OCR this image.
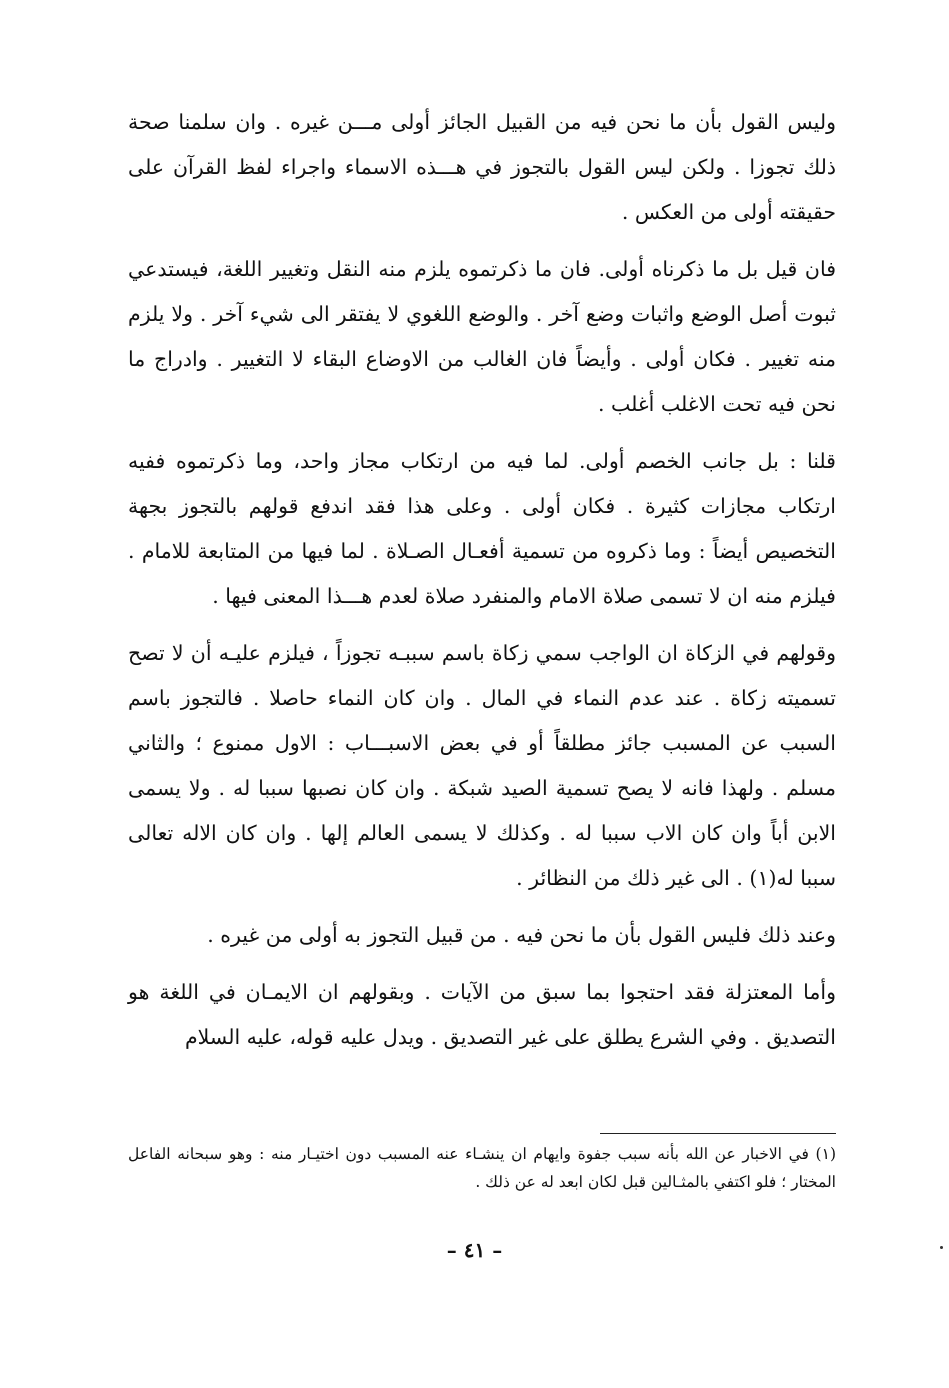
وليس القول بأن ما نحن فيه من القبيل الجائز أولى مـــن غيره . وان سلمنا صحة ذلك تجوزا . ولكن ليس القول بالتجوز في هـــذه الاسماء واجراء لفظ القرآن على حقيقته أولى من العكس .

فان قيل بل ما ذكرناه أولى. فان ما ذكرتموه يلزم منه النقل وتغيير اللغة، فيستدعي ثبوت أصل الوضع واثبات وضع آخر . والوضع اللغوي لا يفتقر الى شيء آخر . ولا يلزم منه تغيير . فكان أولى . وأيضاً فان الغالب من الاوضاع البقاء لا التغيير . وادراج ما نحن فيه تحت الاغلب أغلب .

قلنا : بل جانب الخصم أولى. لما فيه من ارتكاب مجاز واحد، وما ذكرتموه ففيه ارتكاب مجازات كثيرة . فكان أولى . وعلى هذا فقد اندفع قولهم بالتجوز بجهة التخصيص أيضاً : وما ذكروه من تسمية أفعـال الصـلاة . لما فيها من المتابعة للامام . فيلزم منه ان لا تسمى صلاة الامام والمنفرد صلاة لعدم هـــذا المعنى فيها .

وقولهم في الزكاة ان الواجب سمي زكاة باسم سببـه تجوزاً ، فيلزم عليـه أن لا تصح تسميته زكاة . عند عدم النماء في المال . وان كان النماء حاصلا . فالتجوز باسم السبب عن المسبب جائز مطلقاً أو في بعض الاسبـــاب : الاول ممنوع ؛ والثاني مسلم . ولهذا فانه لا يصح تسمية الصيد شبكة . وان كان نصبها سببا له . ولا يسمى الابن أباً وان كان الاب سببا له . وكذلك لا يسمى العالم إلها . وان كان الاله تعالى سببا له(١) . الى غير ذلك من النظائر .

وعند ذلك فليس القول بأن ما نحن فيه . من قبيل التجوز به أولى من غيره .

وأما المعتزلة فقد احتجوا بما سبق من الآيات . وبقولهم ان الايمـان في اللغة هو التصديق . وفي الشرع يطلق على غير التصديق . ويدل عليه قوله، عليه السلام

(١) في الاخبار عن الله بأنه سبب جفوة وايهام ان ينشـاء عنه المسبب دون اختيـار منه : وهو سبحانه الفاعل المختار ؛ فلو اكتفي بالمثـالين قبل لكان ابعد له عن ذلك .

– ٤١ –
